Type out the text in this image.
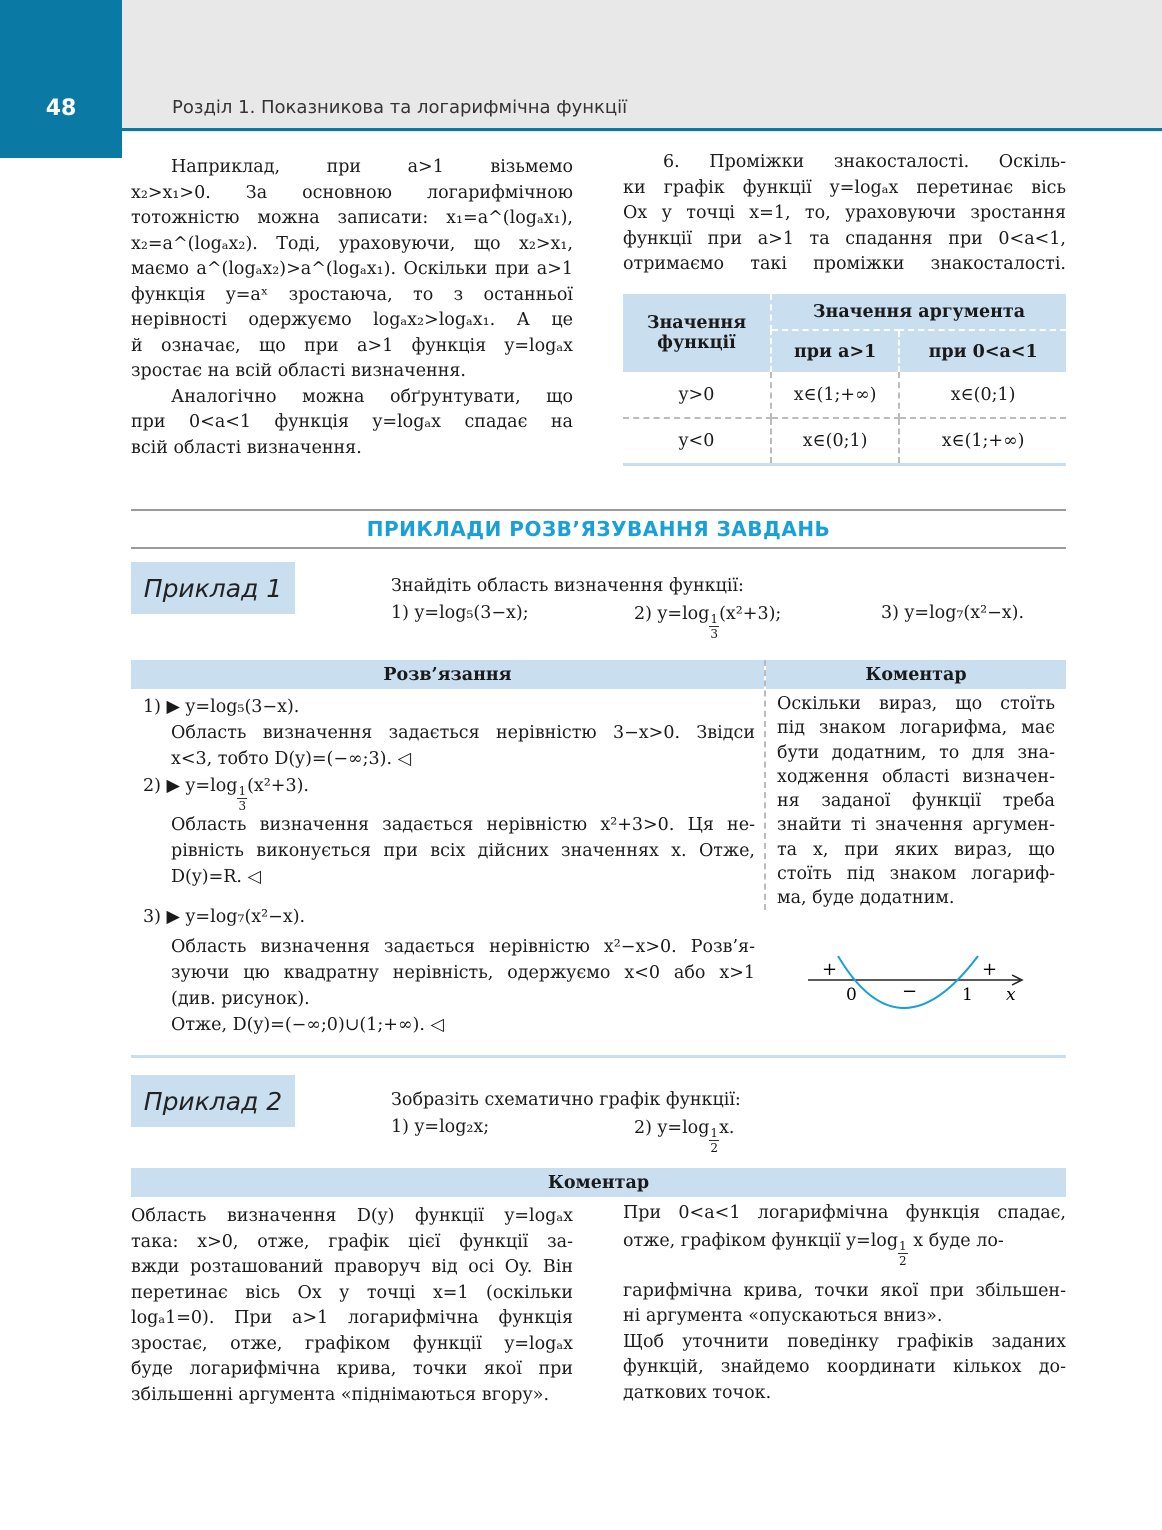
48	Розділ 1. Показникова та логарифмічна функції
Наприклад, при a>1 візьмемо
x₂>x₁>0. За основною логарифмічною
тотожністю можна записати: x₁=a^(logₐx₁),
x₂=a^(logₐx₂). Тоді, ураховуючи, що x₂>x₁,
маємо a^(logₐx₂)>a^(logₐx₁). Оскільки при a>1
функція y=aˣ зростаюча, то з останньої
нерівності одержуємо logₐx₂>logₐx₁. А це
й означає, що при a>1 функція y=logₐx
зростає на всій області визначення.
Аналогічно можна обґрунтувати, що
при 0<a<1 функція y=logₐx спадає на
всій області визначення.
6. Проміжки знакосталості. Оскіль-
ки графік функції y=logₐx перетинає вісь
Ox у точці x=1, то, ураховуючи зростання
функції при a>1 та спадання при 0<a<1,
отримаємо такі проміжки знакосталості.
Значення функції	Значення аргумента	
	при a>1	при 0<a<1
y>0	x∈(1;+∞)	x∈(0;1)
y<0	x∈(0;1)	x∈(1;+∞)
ПРИКЛАДИ РОЗВ’ЯЗУВАННЯ ЗАВДАНЬ
Приклад 1	Знайдіть область визначення функції:
1) y=log₅(3−x);	2) $y=\log \frac{1}{3} (x^2+3)$;	3) y=log₇(x²−x).
Розв’язання	Коментар
1) ▶ y=log₅(3−x).
Область визначення задається нерівністю 3−x>0. Звідси
x<3, тобто D(y)=(−∞;3). ◁
2) ▶ $y=\log \frac{1}{3} (x^2+3)$.
Область визначення задається нерівністю x²+3>0. Ця не-
рівність виконується при всіх дійсних значеннях x. Отже,
D(y)=R. ◁
3) ▶ y=log₇(x²−x).
Область визначення задається нерівністю x²−x>0. Розв’я-
зуючи цю квадратну нерівність, одержуємо x<0 або x>1
(див. рисунок).
Отже, D(y)=(−∞;0)∪(1;+∞). ◁
Оскільки вираз, що стоїть
під знаком логарифма, має
бути додатним, то для зна-
ходження області визначен-
ня заданої функції треба
знайти ті значення аргумен-
та x, при яких вираз, що
стоїть під знаком логариф-
ма, буде додатним.
+	+
−
0	1 x
Приклад 2	Зобразіть схематично графік функції:
1) y=log₂x;	2) $y=\log \frac{1}{2} x$.
Коментар
Область визначення D(y) функції y=logₐx
така: x>0, отже, графік цієї функції за-
вжди розташований праворуч від осі Oy. Він
перетинає вісь Ox у точці x=1 (оскільки
logₐ1=0). При a>1 логарифмічна функція
зростає, отже, графіком функції y=logₐx
буде логарифмічна крива, точки якої при
збільшенні аргумента «піднімаються вгору».
При 0<a<1 логарифмічна функція спадає,
отже, графіком функції $y=\log \frac{1}{2}$ x буде ло-
гарифмічна крива, точки якої при збільшен-
ні аргумента «опускаються вниз».
Щоб уточнити поведінку графіків заданих
функцій, знайдемо координати кількох до-
даткових точок.
